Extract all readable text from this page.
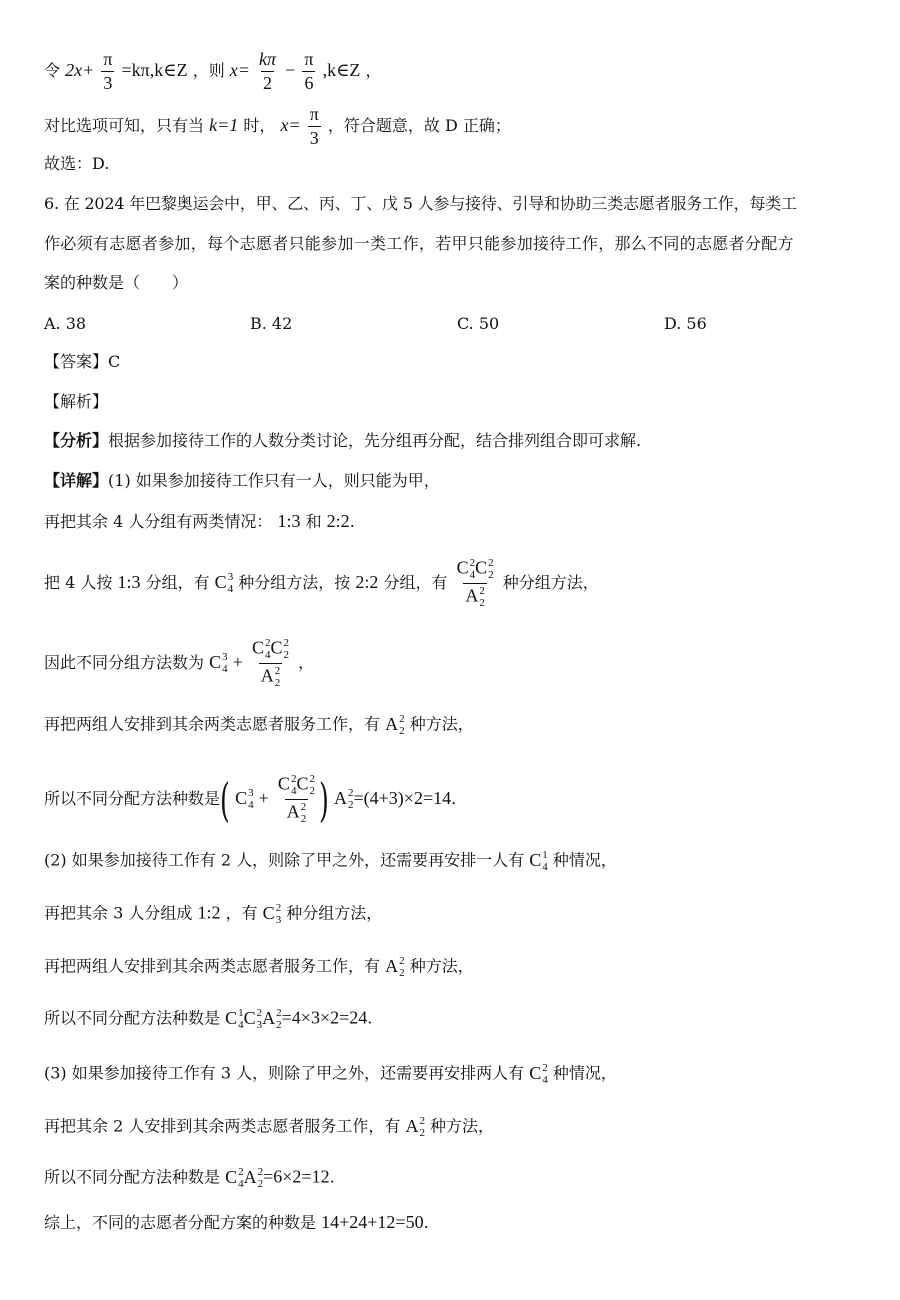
令 $2x+ \frac{\pi}{3}$ =kπ,k∈Z ，则 $x= \frac{k\pi}{2} - \frac{\pi}{6}$ ,k∈Z ，
对比选项可知，只有当 k=1 时， $x= \frac{\pi}{3}$ ，符合题意，故 D 正确；
故选：D.
6. 在 2024 年巴黎奥运会中，甲、乙、丙、丁、戊 5 人参与接待、引导和协助三类志愿者服务工作，每类工
作必须有志愿者参加，每个志愿者只能参加一类工作，若甲只能参加接待工作，那么不同的志愿者分配方
案的种数是（　　）
A. 38	B. 42	C. 50	D. 56
【答案】C
【解析】
【分析】根据参加接待工作的人数分类讨论，先分组再分配，结合排列组合即可求解.
【详解】(1) 如果参加接待工作只有一人，则只能为甲，
再把其余 4 人分组有两类情况： 1:3 和 2:2.
把 4 人按 1:3 分组，有 C 3
4 种分组方法，按 2:2 分组，有 C 2
4 C 2
2
A 2
2 种分组方法，
因此不同分组方法数为 C 3
4 + C 2
4 C 2
2
A 2
2 ，
再把两组人安排到其余两类志愿者服务工作，有 A 2
2 种方法，
所以不同分配方法种数是( C 3
4 + C 2
4 C 2
2
A 2
2 ) A 2
2 =(4+3)×2=14.
(2) 如果参加接待工作有 2 人，则除了甲之外，还需要再安排一人有 C 1
4 种情况，
再把其余 3 人分组成 1:2 ，有 C 2
3 种分组方法，
再把两组人安排到其余两类志愿者服务工作，有 A 2
2 种方法，
所以不同分配方法种数是 C 1
4 C 2
3 A 2
2 =4×3×2=24.
(3) 如果参加接待工作有 3 人，则除了甲之外，还需要再安排两人有 C 2
4 种情况，
再把其余 2 人安排到其余两类志愿者服务工作，有 A 2
2 种方法，
所以不同分配方法种数是 C 2
4 A 2
2 =6×2=12.
综上，不同的志愿者分配方案的种数是 14+24+12=50.
